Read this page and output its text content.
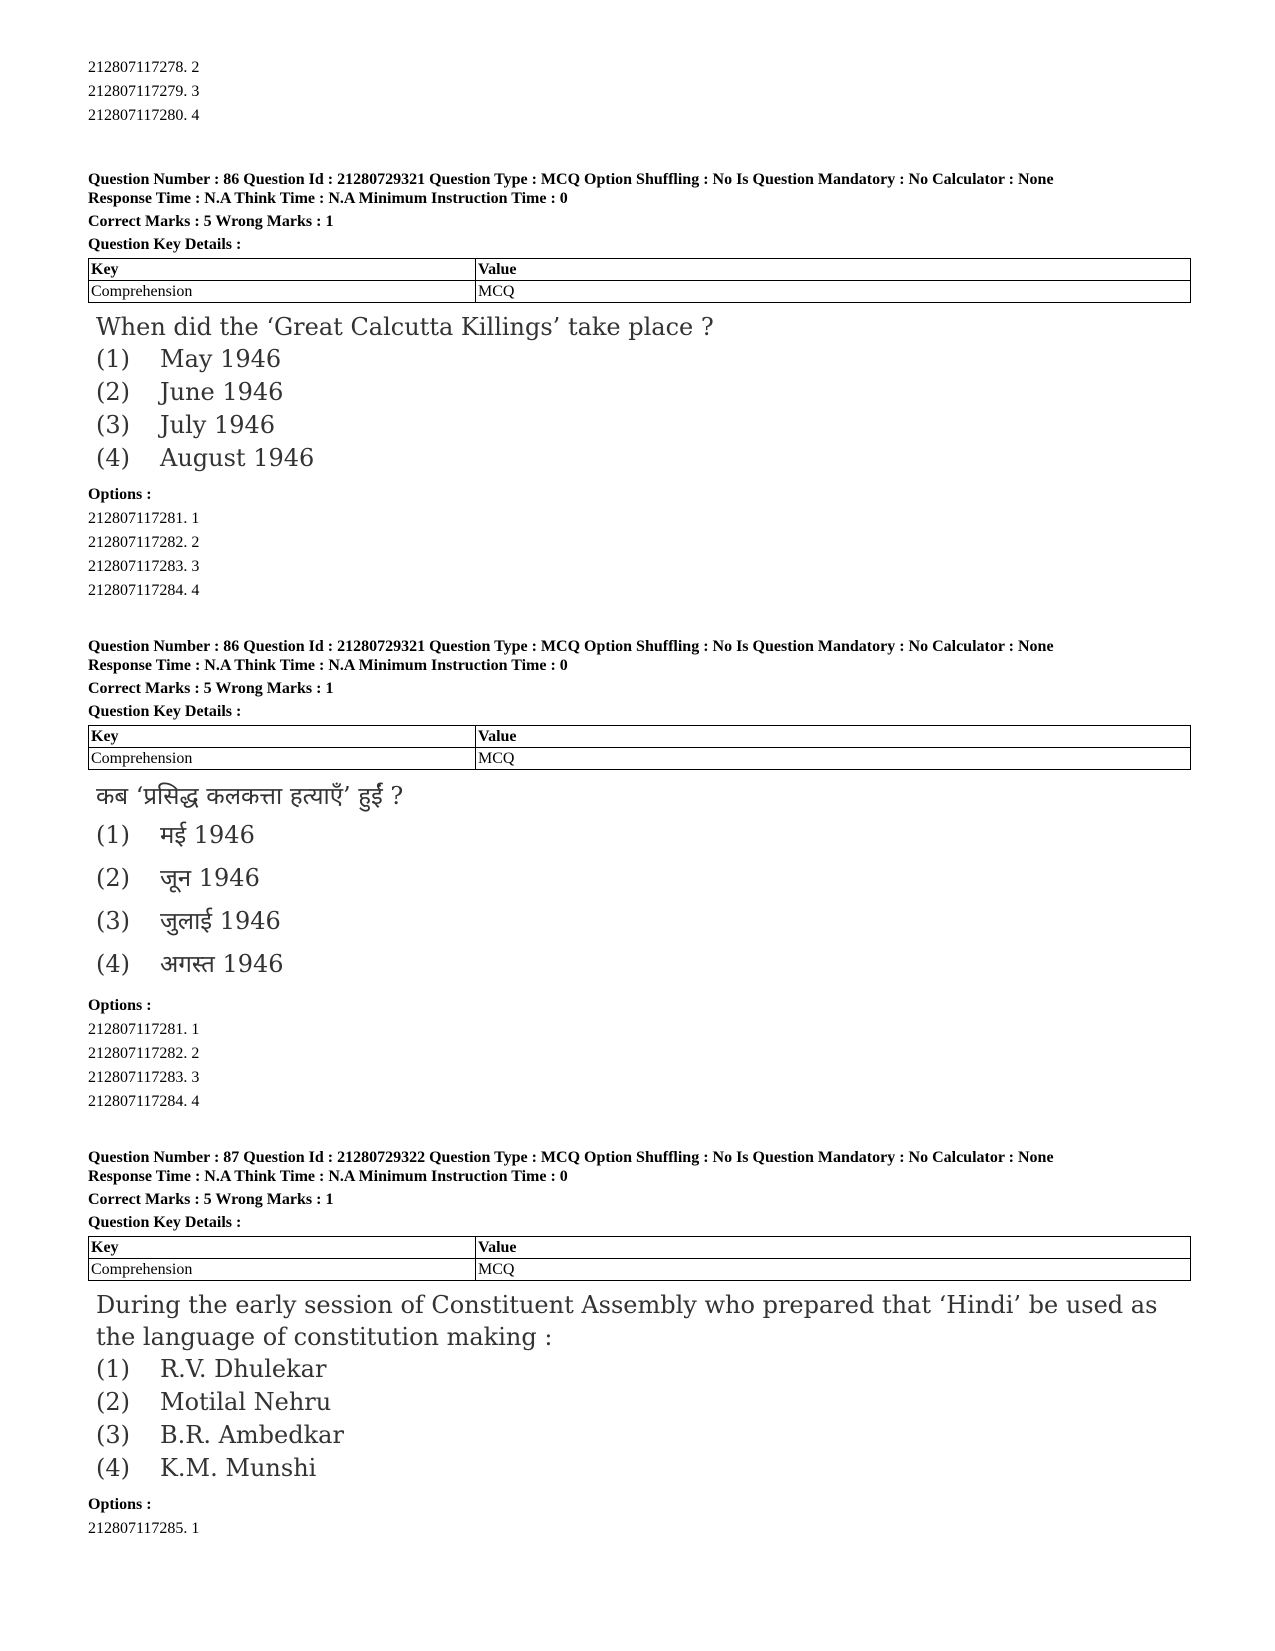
212807117278. 2
212807117279. 3
212807117280. 4
Question Number : 86 Question Id : 21280729321 Question Type : MCQ Option Shuffling : No Is Question Mandatory : No Calculator : None
Response Time : N.A Think Time : N.A Minimum Instruction Time : 0
Correct Marks : 5 Wrong Marks : 1
Question Key Details :
Key	Value
Comprehension	MCQ
When did the ‘Great Calcutta Killings’ take place ?
(1) May 1946
(2) June 1946
(3) July 1946
(4) August 1946
Options :
212807117281. 1
212807117282. 2
212807117283. 3
212807117284. 4
Question Number : 86 Question Id : 21280729321 Question Type : MCQ Option Shuffling : No Is Question Mandatory : No Calculator : None
Response Time : N.A Think Time : N.A Minimum Instruction Time : 0
Correct Marks : 5 Wrong Marks : 1
Question Key Details :
Key	Value
Comprehension	MCQ
कब ‘प्रसिद्ध कलकत्ता हत्याएँ’ हुईं ?
(1) मई 1946
(2) जून 1946
(3) जुलाई 1946
(4) अगस्त 1946
Options :
212807117281. 1
212807117282. 2
212807117283. 3
212807117284. 4
Question Number : 87 Question Id : 21280729322 Question Type : MCQ Option Shuffling : No Is Question Mandatory : No Calculator : None
Response Time : N.A Think Time : N.A Minimum Instruction Time : 0
Correct Marks : 5 Wrong Marks : 1
Question Key Details :
Key	Value
Comprehension	MCQ
During the early session of Constituent Assembly who prepared that ‘Hindi’ be used as the language of constitution making :
(1) R.V. Dhulekar
(2) Motilal Nehru
(3) B.R. Ambedkar
(4) K.M. Munshi
Options :
212807117285. 1
